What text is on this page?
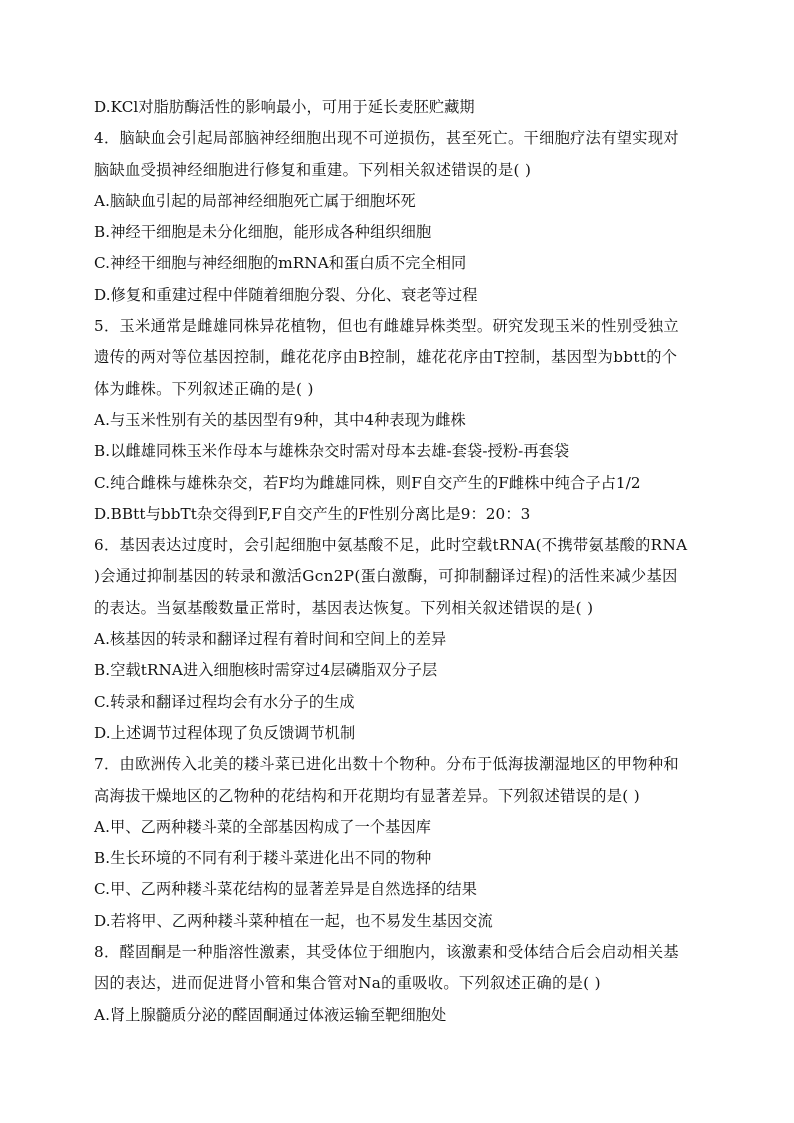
D.KCl对脂肪酶活性的影响最小，可用于延长麦胚贮藏期
4．脑缺血会引起局部脑神经细胞出现不可逆损伤，甚至死亡。干细胞疗法有望实现对
脑缺血受损神经细胞进行修复和重建。下列相关叙述错误的是( )
A.脑缺血引起的局部神经细胞死亡属于细胞坏死
B.神经干细胞是未分化细胞，能形成各种组织细胞
C.神经干细胞与神经细胞的mRNA和蛋白质不完全相同
D.修复和重建过程中伴随着细胞分裂、分化、衰老等过程
5．玉米通常是雌雄同株异花植物，但也有雌雄异株类型。研究发现玉米的性别受独立
遗传的两对等位基因控制，雌花花序由B控制，雄花花序由T控制，基因型为bbtt的个
体为雌株。下列叙述正确的是( )
A.与玉米性别有关的基因型有9种，其中4种表现为雌株
B.以雌雄同株玉米作母本与雄株杂交时需对母本去雄-套袋-授粉-再套袋
C.纯合雌株与雄株杂交，若F均为雌雄同株，则F自交产生的F雌株中纯合子占1/2
D.BBtt与bbTt杂交得到F,F自交产生的F性别分离比是9：20：3
6．基因表达过度时，会引起细胞中氨基酸不足，此时空载tRNA(不携带氨基酸的RNA
)会通过抑制基因的转录和激活Gcn2P(蛋白激酶，可抑制翻译过程)的活性来减少基因
的表达。当氨基酸数量正常时，基因表达恢复。下列相关叙述错误的是( )
A.核基因的转录和翻译过程有着时间和空间上的差异
B.空载tRNA进入细胞核时需穿过4层磷脂双分子层
C.转录和翻译过程均会有水分子的生成
D.上述调节过程体现了负反馈调节机制
7．由欧洲传入北美的耧斗菜已进化出数十个物种。分布于低海拔潮湿地区的甲物种和
高海拔干燥地区的乙物种的花结构和开花期均有显著差异。下列叙述错误的是( )
A.甲、乙两种耧斗菜的全部基因构成了一个基因库
B.生长环境的不同有利于耧斗菜进化出不同的物种
C.甲、乙两种耧斗菜花结构的显著差异是自然选择的结果
D.若将甲、乙两种耧斗菜种植在一起，也不易发生基因交流
8．醛固酮是一种脂溶性激素，其受体位于细胞内，该激素和受体结合后会启动相关基
因的表达，进而促进肾小管和集合管对Na的重吸收。下列叙述正确的是( )
A.肾上腺髓质分泌的醛固酮通过体液运输至靶细胞处
